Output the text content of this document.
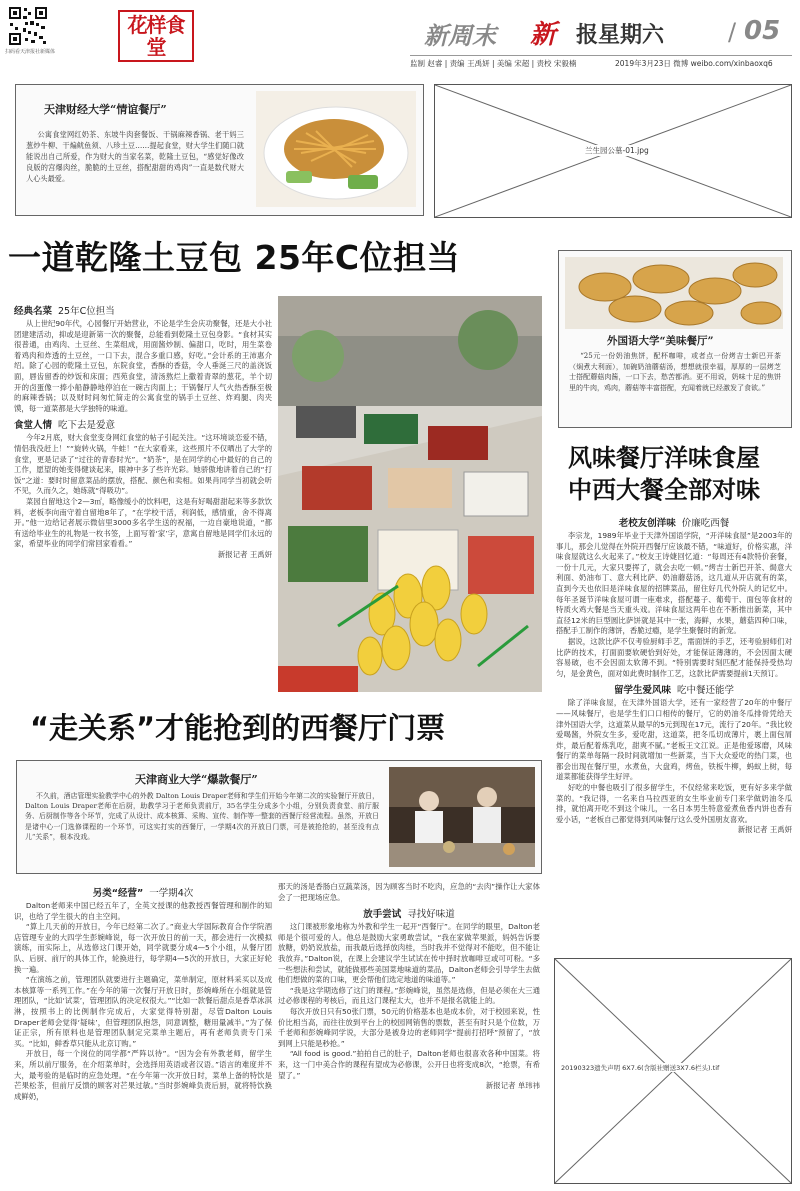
扫码看天津报社新媒体
花样食堂	新周末 新 报星期六	/ 05
监制 赵睿 | 责编 王禹妍 | 美编 宋超 | 责校 宋毅楠	2019年3月23日 微博 weibo.com/xinbaoxq6
天津财经大学“情谊餐厅”

公寓食堂网红奶茶、东坡牛肉套餐饭、干锅麻辣香锅、老干妈三葱炒牛柳、干煸鱿鱼须、八珍土豆……提起食堂，财大学生们随口就能说出自己所爱，作为财大的当家名菜，乾隆土豆包，“感觉好像改良版的宫爆肉丝，脆脆的土豆丝，搭配甜甜的鸡肉”一直是数代财大人心头最爱。

兰生园公墓-01.jpg
一道乾隆土豆包 25年C位担当
经典名菜 25年C位担当

从上世纪90年代，心园餐厅开始营业，不论是学生会庆功聚餐，还是大小社团建建活动，抑或是迎新第一次的聚餐，总能看到乾隆土豆包身影。“食材其实很普通，由鸡肉、土豆丝、生菜组成，用面酱炒制、偏甜口，吃时，用生菜卷着鸡肉和炸透的土豆丝，一口下去，混合多重口感，好吃。”会计系的王沛惠介绍。除了心园的乾隆土豆包，东院食堂，香酥的香菇，令人垂涎三尺的盖浇饭面，唇齿留香的炒饭和床面；西苑食堂，清汤熬烂上撒着青翠的葱花，羊个切开的卤蛋像一捧小船静静地停泊在一碗古肉面上；干锅餐厅人气火热香酥至极的麻辣香锅；以及财时间匆忙简走的公寓食堂的锅手土豆丝、炸鸡腿、肉夹馍，每一道菜都是大学独特的味道。

食堂人情 吃下去是爱意

今年2月底，财大食堂变身网红食堂的帖子引起关注。“这环境谈恋爱不错，情侣我没赶上！”“旋转火锅，牛蛙！”在大家看来，这些照片不仅晒出了大学的食堂，更是记录了“过往的青春时光”。“奶茶”，是在同学的心中最好的自己的工作，愿望的她变得健谈起来，眼神中多了些许光彩。她骄傲地讲着自己的“打饭”之道：要时时留意菜品的摆放，搭配、颜色和卖相。如果肖同学当初就会听不见，久而久之，她练就“得吸功”。

菜园自留地这个2—3㎡，略像缓小的饮料吧，这是有好喝甜甜起来等多款饮料，老板李向南守着自留地8年了，“在学校干活，利润低，感情重，舍不得离开。”他一边给记者展示微信里3000多名学生送的祝福，一边自豪地说道，“都有送给毕业生的礼物是一枚书签，上面写着‘家’字，意寓自留地是同学们永远的家，希望毕业的同学们常回家看看。”

新报记者 王禹妍

外国语大学“美味餐厅”

“25元一份奶油焦饼，配杯咖啡，或者点一份烤吉士新巴开茶（焖煮大利面），加碗奶油蘑菇汤，想想就很幸福，厚厚的一层烤芝士搭配蘑菇肉酱，一口下去，愁苦都消。更不用说，奶味十足的焦饼里的牛肉，鸡肉，蘑菇等丰富搭配，充闻着就已经激发了食欲。”

风味餐厅洋味食屋
中西大餐全部对味
老校友创洋味 价廉吃西餐

李宗龙，1989年毕业于天津外国语学院，“开洋味食屋”是2003年的事儿，那会儿觉得在外院开西餐厅应该最不错，“味道好，价格实惠，洋味食屋就这么火起来了。”校友王诗婕回忆道：“每周还有4款特价套餐，一份十几元，大家只要挥了，就会去吃一顿。”烤吉士新巴开茶、焗意大利面、奶油布丁、意大利比萨、奶油蘑菇汤，这几道从开店就有的菜，直到今天也依旧是洋味食屋的招牌菜品，留住好几代外院人的记忆中。每年圣诞节洋味食屋可谓一座难求，搭配蔓子、葡萄干、面包等食材的特质火鸡大餐是当天重头戏。洋味食屋这两年也在不断推出新菜，其中直径12米的巨型圆比萨饼就是其中一张，海鲜，水果，蘑菇四种口味，搭配手工制作的薄饼，香脆过瘾，是学生聚餐时的新宠。

据说，这款比萨不仅考验厨师手艺，需面饼的手艺，还考验厨师们对比萨的技术，打面面要软硬恰到好处，才能保证薄薄的，不会因面太硬容易破，也不会因面太软薄不到。“特别需要时刻匹配才能保持受热均匀，是金黄色，面对如此费时制作工艺，这款比萨需要提前1天预订。

留学生爱风味 吃中餐还能学

除了洋味食屋，在天津外国语大学，还有一家经营了20年的中餐厅——风味餐厅，也是学生们口口相传的餐厅，它的奶油冬瓜排骨凭给天津外国语大学，这道菜从最早的5元到现在17元，流行了20年。“我比较爱喝酱，外院女生多，爱吃甜，这道菜，把冬瓜切成薄片，裹上面包屑炸，最后配着炼乳吃，甜爽不腻。”老板王文江说。正是他爱琢磨，风味餐厅的菜单每隔一段时间就增加一些新菜，当下大众爱吃的热门菜，也都会出现在餐厅里，水煮鱼，大盘鸡，烤鱼，铁板牛柳，蚂蚁上树，每道菜都能获得学生好评。

好吃的中餐也吸引了很多留学生，不仅经常来吃饭，更有好多来学做菜的。“我记得，一名来自马拉西亚的女生毕业前专门来学做奶油冬瓜排，就怕离开吃不到这个味儿，一名日本男生特意爱煮鱼香内饼也香有爱小话，“老板自己都觉得到风味餐厅这么受外国朋友喜欢。

新报记者 王禹妍

“走关系”才能抢到的西餐厅门票
天津商业大学“爆款餐厅”

不久前，酒店管理实验教学中心的外教 Dalton Louis Draper老师和学生们开始今年第二次的实验餐厅开放日，Dalton Louis Draper老师在后厨，助教学习于老师负责前厅，35名学生分成多个小组，分别负责食堂、前厅服务、后厨制作等各个环节，完成了从设计、成本核算、采购、宣传、制作等一整套的西餐厅经营流程。虽然，开放日是诸中心一门选修课程的一个环节，可这实打实的西餐厅，一学期4次的开放日门票，可是被抢抢的，甚至没有点儿“关系”，根本没戏。

另类“经营” 一学期4次

Dalton老师来中国已经五年了，全英文授课的他教授西餐管理和制作的知识，也给了学生很大的自主空间。

“算上几天前的开放日，今年已经第二次了。”商业大学国际教育合作学院酒店管理专业的大四学生彭婉峰说，每一次开放日的前一天，都会进行一次模拟演练，而实际上，从选修这门课开始，同学就要分成4—5个小组，从餐厅团队、后厨、前厅的具体工作，轮换进行，每学期4—5次的开放日，大家正好轮换一遍。

“在演练之前，管理团队就要进行主题确定，菜单制定，原材料采买以及成本核算等一系列工作。”在今年的第一次餐厅开放日时，彭婉峰所在小组就是管理团队，“比如‘试菜’，管理团队的决定权很大。”“比如一款餐后甜点是香草冰淇淋，按照书上的比例制作完成后，大家觉得特别甜，尽管Dalton Louis Draper老师会觉得‘疑味’，但管理团队抱怨，同意调整，糖用量减半。”为了保证正宗，所有原料也是管理团队制定完菜单主题后，再有老师负责专门采买。“比如，鲜香草只能从北京订购。”

开放日，每一个岗位的同学都“严阵以待”。“因为会有外教老师，留学生来，所以前厅服务，在介绍菜单时，会选择用英语或者汉语。”语言的难度并不大，最考验的是临时的应急处理。“在今年第一次开放日时，菜单上备的特饮是芒果松茶，但前厅反馈的顾客对芒果过敏。”当时彭婉峰负责后厨，就将特饮换成鲜奶，

那天的汤是香肠白豆蔬菜汤，因为顾客当时不吃肉，应急的“去肉”操作让大家体会了一把现场应急。

放手尝试 寻找好味道

这门课被形象地称为外教和学生一起开“西餐厅”。在同学的眼里，Dalton老师是个很可爱的人。他总是鼓励大家勇敢尝试，“我在家做苹果派，妈妈告诉要放糖，奶奶说放盐，而我最后选择放肉桂，当时我并不觉得对不能吃，但不能让我放弃。”Dalton说，在课上会建议学生试试在传中择时放咖啡豆或可可粉。“多一些想法和尝试，就能做那些美国菜地味道的菜品，Dalton老师会引导学生去做他们想做的菜的口味，更会帮他们选定地道的味道等。”

“我是这学期选修了这门的课程。”彭婉峰说，虽然是选修，但是必须在大三通过必修课程的考核后，而且这门课程太大，也并不是报名就能上的。

每次开放日只有50张门票，50元的价格基本也是成本价，对于校园来说，性价比相当高，而往往放到平台上的校园网销售的票数，甚至有时只是个位数，万千老师和彭婉峰同学说，大部分是被身边的老师同学“提前打招呼”预留了，“放到网上只能是秒抢。”

“All food is good.”拍拍自己的肚子，Dalton老师也很喜欢各种中国菜。将来，这一门中美合作的课程有望成为必修课，公开日也将变成8次，“抢票，有希望了。”

新报记者 单玮祎

20190323遗失声明 6X7.6(含版社赠送3X7.6栏头).tif
